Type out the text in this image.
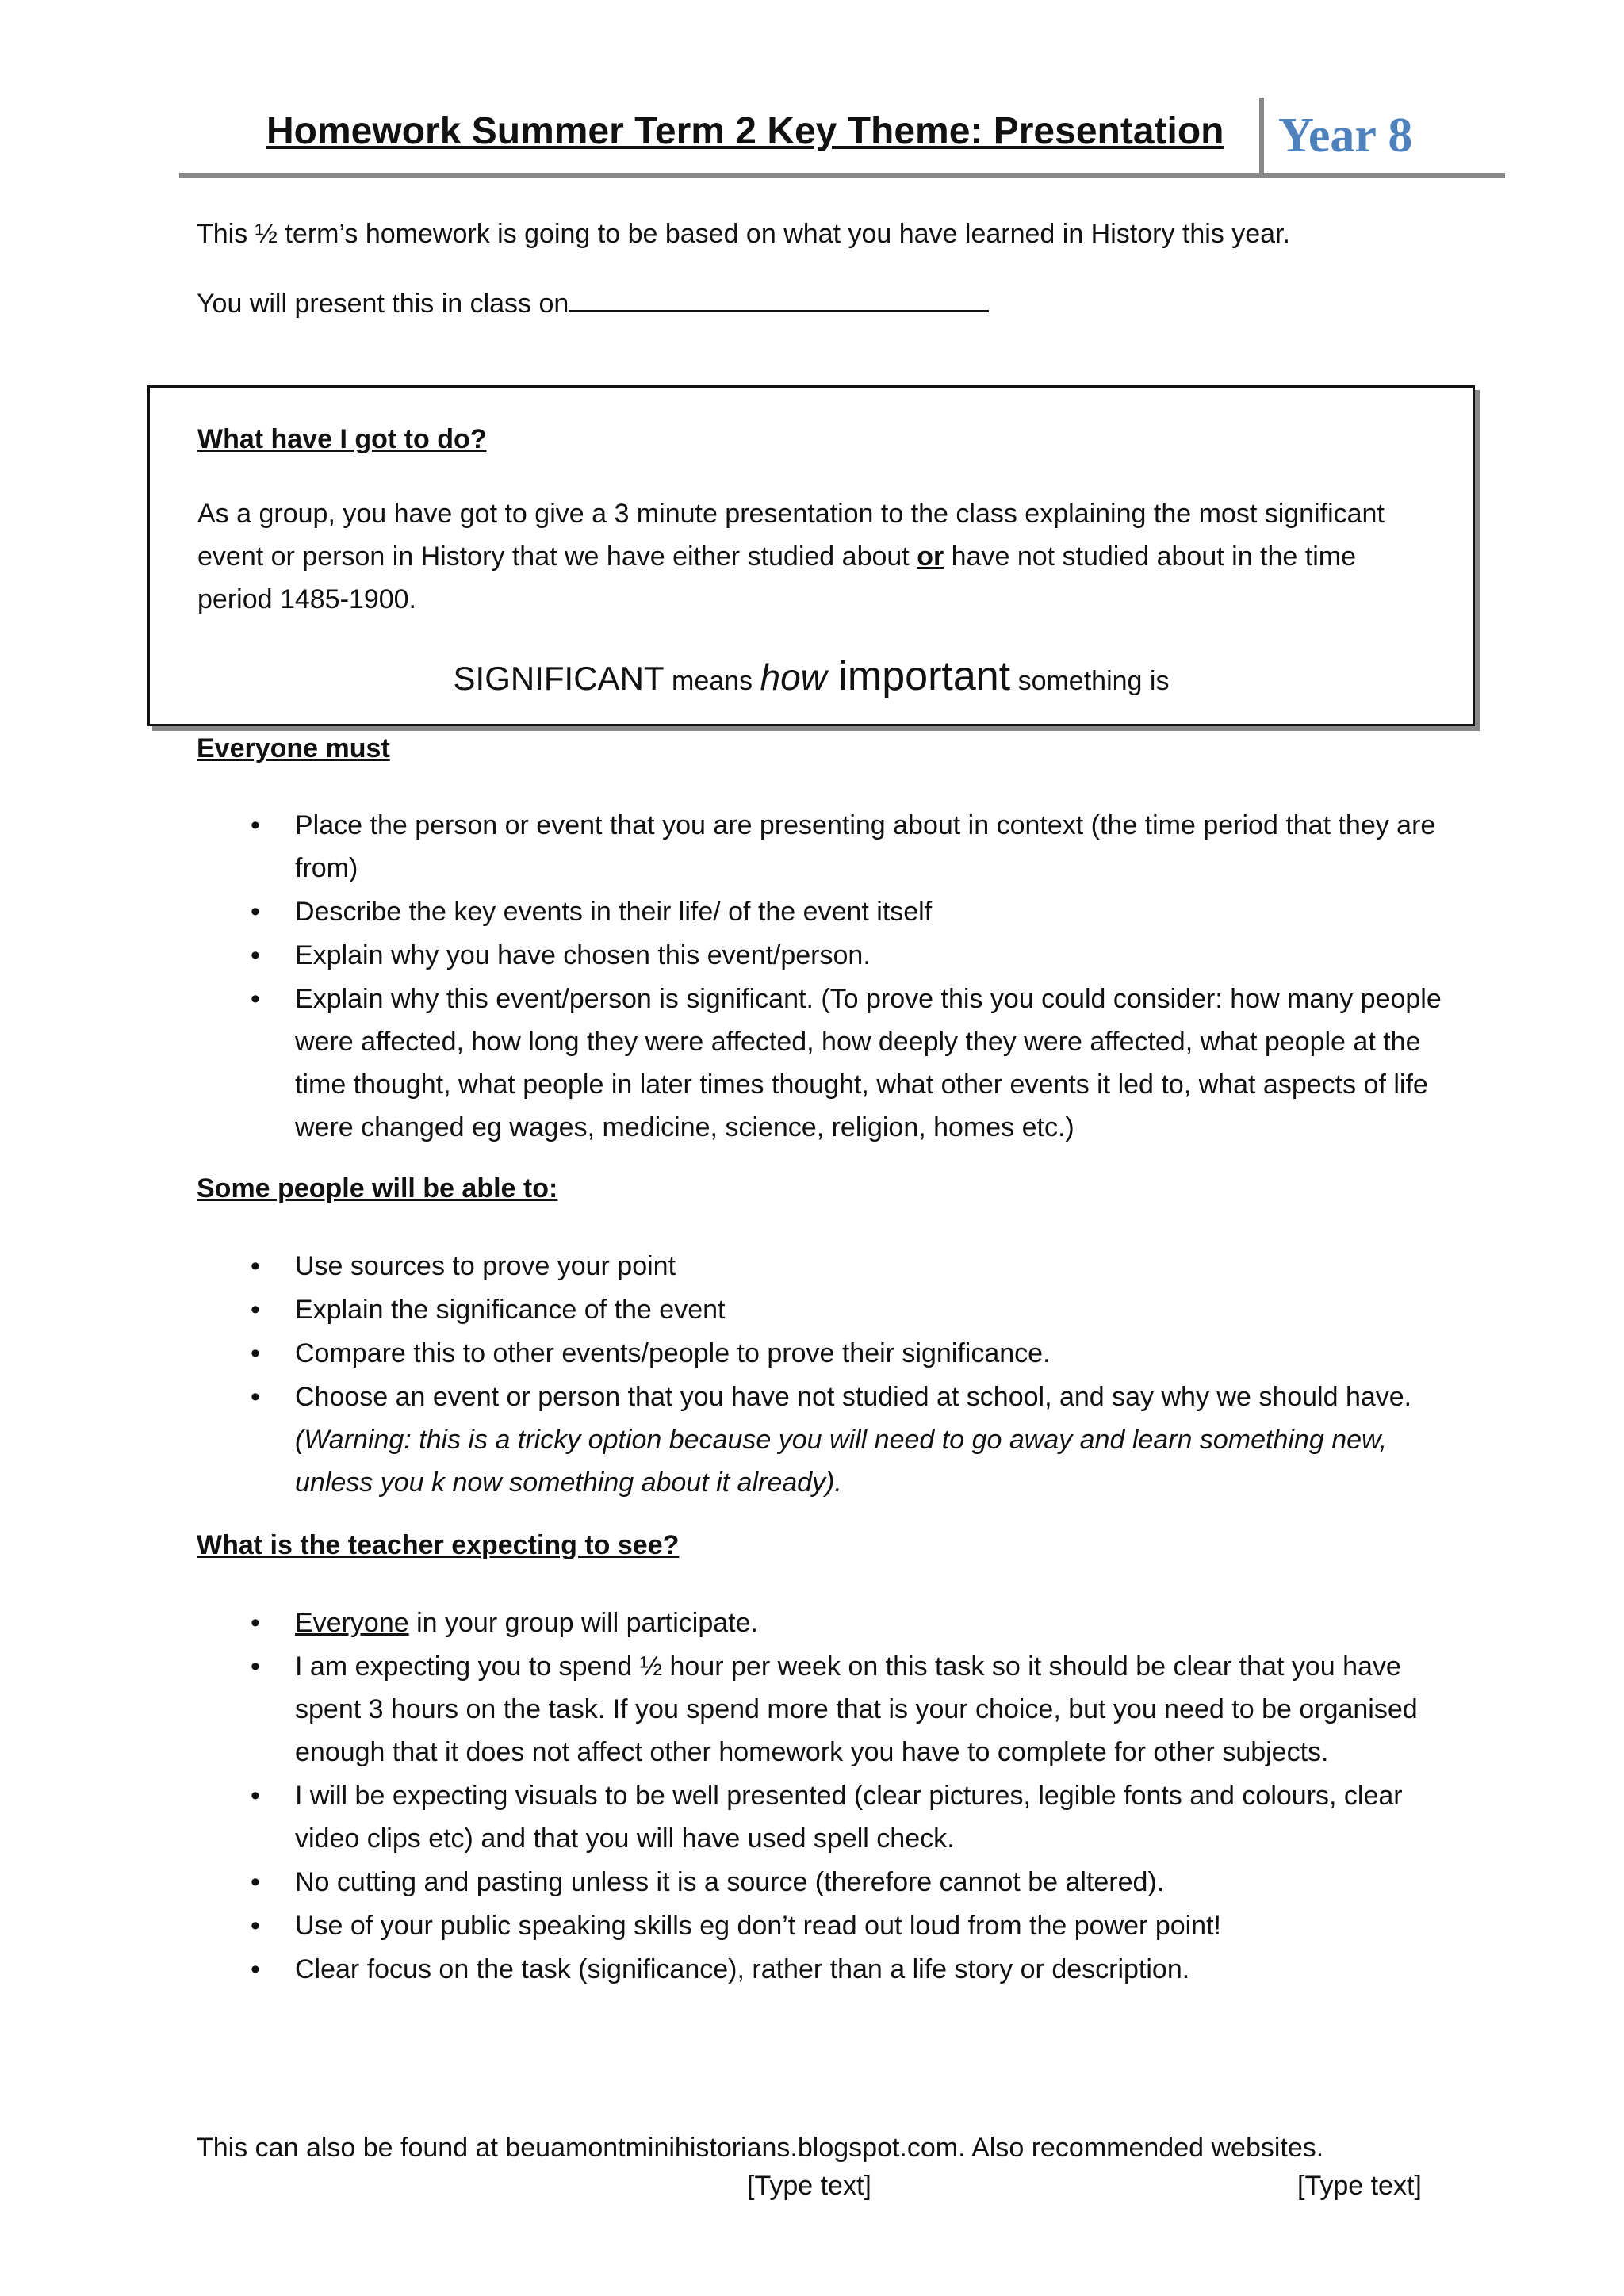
Homework Summer Term 2 Key Theme: Presentation Year 8
This ½ term’s homework is going to be based on what you have learned in History this year.
You will present this in class on
What have I got to do?
As a group, you have got to give a 3 minute presentation to the class explaining the most significant event or person in History that we have either studied about or have not studied about in the time period 1485-1900.
SIGNIFICANT means how important something is
Everyone must
• Place the person or event that you are presenting about in context (the time period that they are from)
• Describe the key events in their life/ of the event itself
• Explain why you have chosen this event/person.
• Explain why this event/person is significant. (To prove this you could consider: how many people were affected, how long they were affected, how deeply they were affected, what people at the time thought, what people in later times thought, what other events it led to, what aspects of life were changed eg wages, medicine, science, religion, homes etc.)
Some people will be able to:
• Use sources to prove your point
• Explain the significance of the event
• Compare this to other events/people to prove their significance.
• Choose an event or person that you have not studied at school, and say why we should have. (Warning: this is a tricky option because you will need to go away and learn something new, unless you k now something about it already).
What is the teacher expecting to see?
• Everyone in your group will participate.
• I am expecting you to spend ½ hour per week on this task so it should be clear that you have spent 3 hours on the task. If you spend more that is your choice, but you need to be organised enough that it does not affect other homework you have to complete for other subjects.
• I will be expecting visuals to be well presented (clear pictures, legible fonts and colours, clear video clips etc) and that you will have used spell check.
• No cutting and pasting unless it is a source (therefore cannot be altered).
• Use of your public speaking skills eg don’t read out loud from the power point!
• Clear focus on the task (significance), rather than a life story or description.
This can also be found at beuamontminihistorians.blogspot.com. Also recommended websites.
[Type text]	[Type text]
